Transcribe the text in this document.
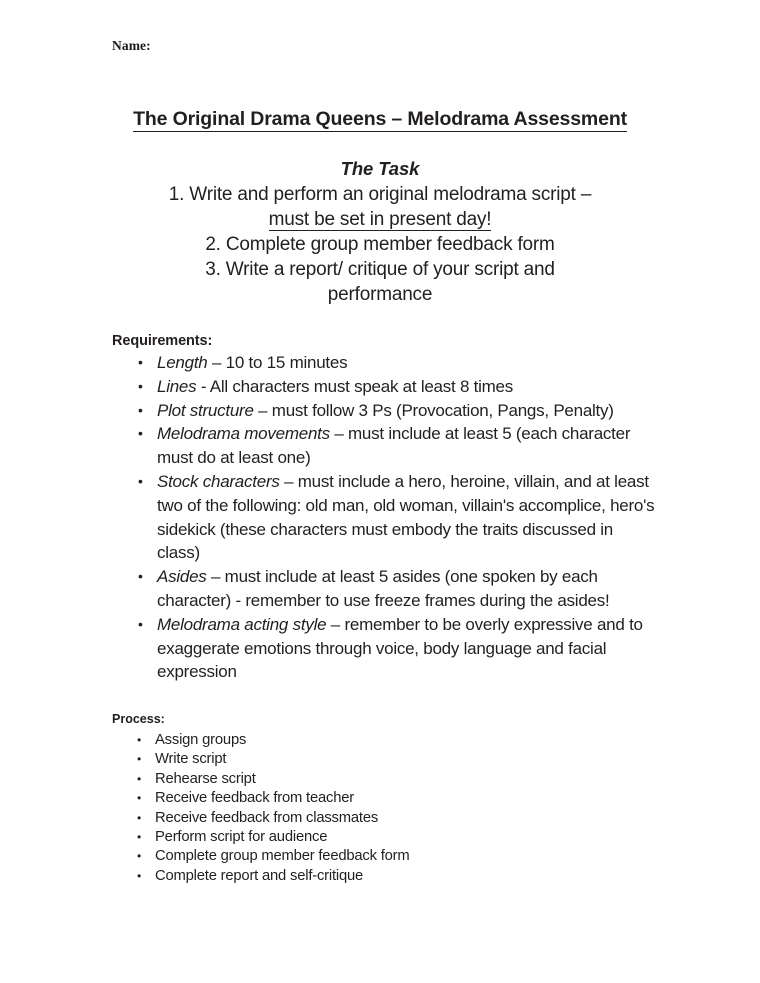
Name:
The Original Drama Queens – Melodrama Assessment
The Task
1. Write and perform an original melodrama script –
must be set in present day!
2. Complete group member feedback form
3. Write a report/ critique of your script and
performance
Requirements:
• Length – 10 to 15 minutes
• Lines - All characters must speak at least 8 times
• Plot structure – must follow 3 Ps (Provocation, Pangs, Penalty)
• Melodrama movements – must include at least 5 (each character must do at least one)
• Stock characters – must include a hero, heroine, villain, and at least two of the following: old man, old woman, villain's accomplice, hero's sidekick (these characters must embody the traits discussed in class)
• Asides – must include at least 5 asides (one spoken by each character) - remember to use freeze frames during the asides!
• Melodrama acting style – remember to be overly expressive and to exaggerate emotions through voice, body language and facial expression
Process:
• Assign groups
• Write script
• Rehearse script
• Receive feedback from teacher
• Receive feedback from classmates
• Perform script for audience
• Complete group member feedback form
• Complete report and self-critique
